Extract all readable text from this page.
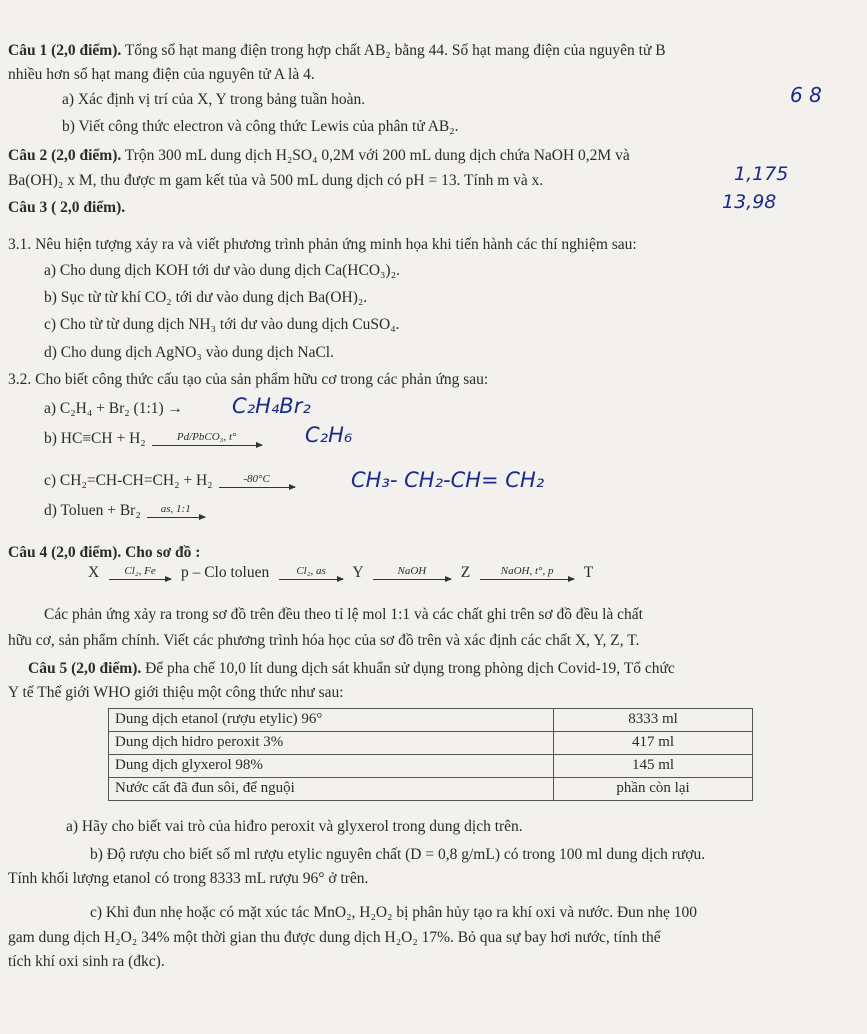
Câu 1 (2,0 điểm). Tổng số hạt mang điện trong hợp chất AB₂ bằng 44. Số hạt mang điện của nguyên tử B
nhiều hơn số hạt mang điện của nguyên tử A là 4.
a) Xác định vị trí của X, Y trong bảng tuần hoàn.
b) Viết công thức electron và công thức Lewis của phân tử AB₂.
6 8
Câu 2 (2,0 điểm). Trộn 300 mL dung dịch H₂SO₄ 0,2M với 200 mL dung dịch chứa NaOH 0,2M và
Ba(OH)₂ x M, thu được m gam kết tủa và 500 mL dung dịch có pH = 13. Tính m và x.	1,175
13,98
Câu 3 ( 2,0 điểm).
3.1. Nêu hiện tượng xảy ra và viết phương trình phản ứng minh họa khi tiến hành các thí nghiệm sau:
a) Cho dung dịch KOH tới dư vào dung dịch Ca(HCO₃)₂.
b) Sục từ từ khí CO₂ tới dư vào dung dịch Ba(OH)₂.
c) Cho từ từ dung dịch NH₃ tới dư vào dung dịch CuSO₄.
d) Cho dung dịch AgNO₃ vào dung dịch NaCl.
3.2. Cho biết công thức cấu tạo của sản phẩm hữu cơ trong các phản ứng sau:
a) C₂H₄ + Br₂ (1:1) → C₂H₄Br₂
b) HC≡CH + H₂	Pd/PbCO₃, t°	C₂H₆
c) CH₂=CH-CH=CH₂ + H₂	-80°C	CH₃- CH₂-CH= CH₂
d) Toluen + Br₂	as, 1:1
Câu 4 (2,0 điểm). Cho sơ đồ :
X	Cl₂, Fe	p – Clo toluen	Cl₂, as	Y	NaOH	Z	NaOH, t°, p	T
Các phản ứng xảy ra trong sơ đồ trên đều theo tỉ lệ mol 1:1 và các chất ghi trên sơ đồ đều là chất
hữu cơ, sản phẩm chính. Viết các phương trình hóa học của sơ đồ trên và xác định các chất X, Y, Z, T.
Câu 5 (2,0 điểm). Để pha chế 10,0 lít dung dịch sát khuẩn sử dụng trong phòng dịch Covid-19, Tổ chức
Y tế Thế giới WHO giới thiệu một công thức như sau:
Dung dịch etanol (rượu etylic) 96°	8333 ml
Dung dịch hidro peroxit 3%	417 ml
Dung dịch glyxerol 98%	145 ml
Nước cất đã đun sôi, để nguội	phần còn lại
a) Hãy cho biết vai trò của hiđro peroxit và glyxerol trong dung dịch trên.
b) Độ rượu cho biết số ml rượu etylic nguyên chất (D = 0,8 g/mL) có trong 100 ml dung dịch rượu.
Tính khối lượng etanol có trong 8333 mL rượu 96° ở trên.
c) Khi đun nhẹ hoặc có mặt xúc tác MnO₂, H₂O₂ bị phân hủy tạo ra khí oxi và nước. Đun nhẹ 100
gam dung dịch H₂O₂ 34% một thời gian thu được dung dịch H₂O₂ 17%. Bỏ qua sự bay hơi nước, tính thể
tích khí oxi sinh ra (đkc).
